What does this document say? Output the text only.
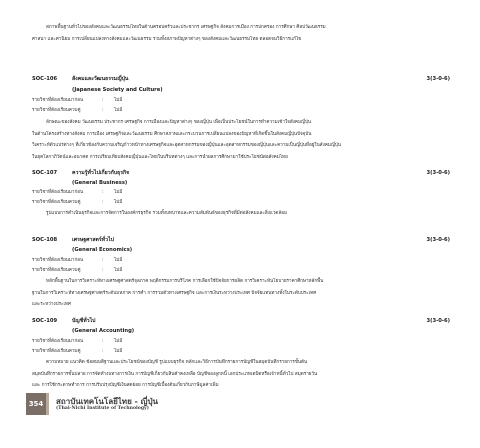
สภาพพื้นฐานทั่วไปของสังคมและวัฒนธรรมไทยในด้านครอบครัวและประชากร เศรษฐกิจ สังคมการเมือง การปกครอง การศึกษา ศิลปวัฒนธรรม
ศาสนา และค่านิยม การเปลี่ยนแปลงทางสังคมและวัฒนธรรม รวมทั้งสภาพปัญหาต่างๆ ของสังคมและวัฒนธรรมไทย ตลอดจนวิธีการแก้ไข
SOC-106	สังคมและวัฒนธรรมญี่ปุ่น	3(3-0-6)
(Japanese Society and Culture)
รายวิชาที่ต้องเรียนมาก่อน	: ไม่มี
รายวิชาที่ต้องเรียนควบคู่	: ไม่มี
ลักษณะของสังคม วัฒนธรรม ประชากร เศรษฐกิจ การเมืองและปัญหาต่างๆ ของญี่ปุ่น เพื่อเป็นประโยชน์ในการทำความเข้าใจสังคมญี่ปุ่น
ในด้านโครงสร้างทางสังคม การเมือง เศรษฐกิจและวัฒนธรรม ศึกษาสภาพและกระบวนการเปลี่ยนแปลงของปัญหาที่เกิดขึ้นในสังคมญี่ปุ่นปัจจุบัน
วิเคราะห์ตัวแปรต่างๆ ที่เกี่ยวข้องกับความเจริญก้าวหน้าทางเศรษฐกิจและอุตสาหกรรมของญี่ปุ่นและอุตสาหกรรมของญี่ปุ่นและความเป็นญี่ปุ่นที่อยู่ในสังคมญี่ปุ่น
ในยุคโลกาภิวัตน์และอนาคต การเปรียบเทียบสังคมญี่ปุ่นและไทยในบริบทต่างๆ และการนำผลการศึกษามาใช้ประโยชน์ต่อสังคมไทย
SOC-107	ความรู้ทั่วไปเกี่ยวกับธุรกิจ	3(3-0-6)
(General Business)
รายวิชาที่ต้องเรียนมาก่อน	: ไม่มี
รายวิชาที่ต้องเรียนควบคู่	: ไม่มี
รูปแบบการดำเนินธุรกิจและการจัดการในองค์กรธุรกิจ รวมทั้งบทบาทและความสัมพันธ์ของธุรกิจที่มีต่อสังคมและสิ่งแวดล้อม
SOC-108	เศรษฐศาสตร์ทั่วไป	3(3-0-6)
(General Economics)
รายวิชาที่ต้องเรียนมาก่อน	: ไม่มี
รายวิชาที่ต้องเรียนควบคู่	: ไม่มี
หลักพื้นฐานในการวิเคราะห์ทางเศรษฐศาสตร์จุลภาค พฤติกรรมการบริโภค การเลือกใช้ปัจจัยการผลิต การวิเคราะห์นโยบายราคาศึกษาหลักพื้น
ฐานในการวิเคราะห์ทางเศรษฐศาสตร์ระดับมหภาค การคำ การรวมตัวทางเศรษฐกิจ และการเงินระหว่างประเทศ ปัจจัยแทนทางทั้งในระดับประเทศ
และระหว่างประเทศ
SOC-109	บัญชีทั่วไป	3(3-0-6)
(General Accounting)
รายวิชาที่ต้องเรียนมาก่อน	: ไม่มี
รายวิชาที่ต้องเรียนควบคู่	: ไม่มี
ความหมาย แนวคิด ข้อสมมติฐานและประโยชน์ของบัญชี รูปแบบธุรกิจ หลักและวิธีการบันทึกรายการบัญชีในสมุดบันทึกรายการขั้นต้น
สมุดบันทึกรายการขั้นปลาย การจัดทำงบทางการเงิน การบัญชีเกี่ยวกับสินค้าคงเหลือ บัญชีของลูกหนี้ เอกประเภทเดบิตหรือเจ้าหนี้ทั่วไป สมุดรายวัน
และ การใช้กระดาษทำการ การปรับปรุงบัญชีเงินสดย่อย การบัญชีเบื้องต้นเกี่ยวกับภาษีมูลค่าเพิ่ม
354	สถาบันเทคโนโลยีไทย - ญี่ปุ่น
(Thai-Nichi Institute of Technology)
